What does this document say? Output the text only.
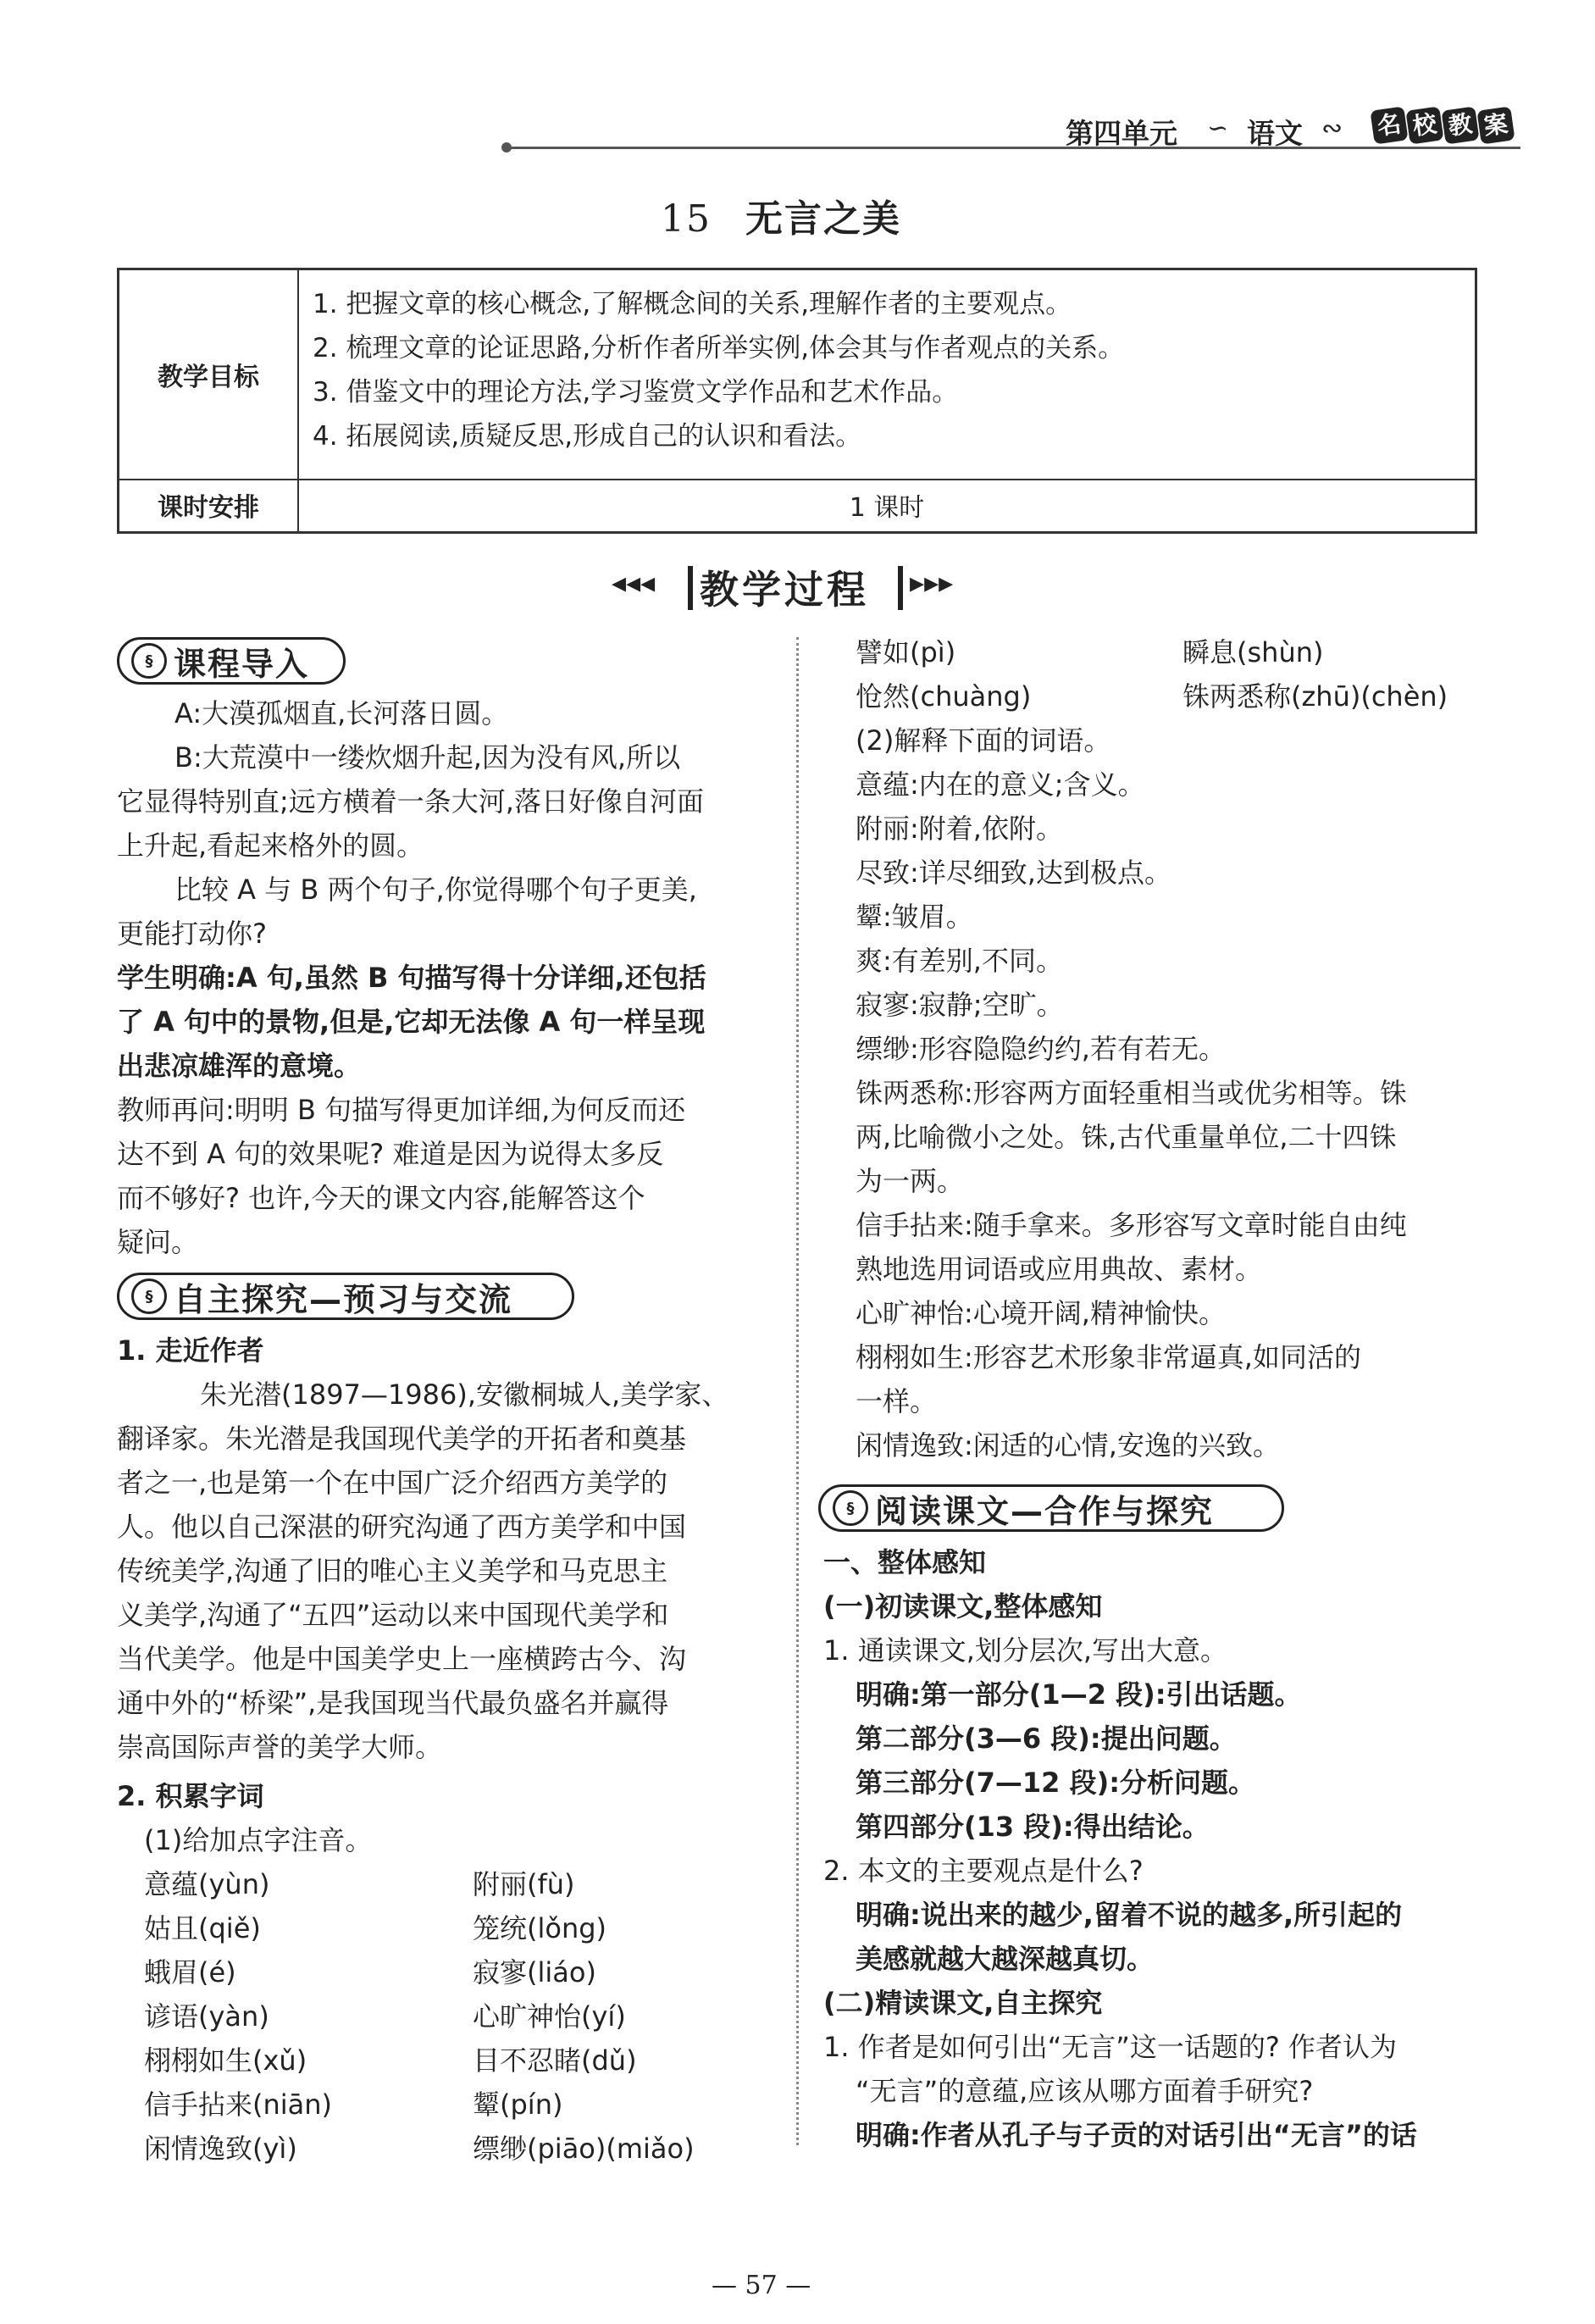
第四单元 ∽ 语文 ∾ 名 校 教 案
15 无言之美
教学目标
1. 把握文章的核心概念,了解概念间的关系,理解作者的主要观点。
2. 梳理文章的论证思路,分析作者所举实例,体会其与作者观点的关系。
3. 借鉴文中的理论方法,学习鉴赏文学作品和艺术作品。
4. 拓展阅读,质疑反思,形成自己的认识和看法。
课时安排	1 课时
◂◂◂ 教学过程 ▸▸▸
§ 课程导入
A:大漠孤烟直,长河落日圆。
B:大荒漠中一缕炊烟升起,因为没有风,所以
它显得特别直;远方横着一条大河,落日好像自河面
上升起,看起来格外的圆。
比较 A 与 B 两个句子,你觉得哪个句子更美,
更能打动你?
学生明确:A 句,虽然 B 句描写得十分详细,还包括
了 A 句中的景物,但是,它却无法像 A 句一样呈现
出悲凉雄浑的意境。
教师再问:明明 B 句描写得更加详细,为何反而还
达不到 A 句的效果呢? 难道是因为说得太多反
而不够好? 也许,今天的课文内容,能解答这个
疑问。
§ 自主探究—预习与交流
1. 走近作者
朱光潜(1897—1986),安徽桐城人,美学家、
翻译家。朱光潜是我国现代美学的开拓者和奠基
者之一,也是第一个在中国广泛介绍西方美学的
人。他以自己深湛的研究沟通了西方美学和中国
传统美学,沟通了旧的唯心主义美学和马克思主
义美学,沟通了“五四”运动以来中国现代美学和
当代美学。他是中国美学史上一座横跨古今、沟
通中外的“桥梁”,是我国现当代最负盛名并赢得
崇高国际声誉的美学大师。
2. 积累字词
(1)给加点字注音。
意蕴(yùn)
姑且(qiě)
蛾眉(é)
谚语(yàn)
栩栩如生(xǔ)
信手拈来(niān)
闲情逸致(yì)
附丽(fù)
笼统(lǒng)
寂寥(liáo)
心旷神怡(yí)
目不忍睹(dǔ)
颦(pín)
缥缈(piāo)(miǎo)
譬如(pì)
怆然(chuàng)
瞬息(shùn)
铢两悉称(zhū)(chèn)
(2)解释下面的词语。
意蕴:内在的意义;含义。
附丽:附着,依附。
尽致:详尽细致,达到极点。
颦:皱眉。
爽:有差别,不同。
寂寥:寂静;空旷。
缥缈:形容隐隐约约,若有若无。
铢两悉称:形容两方面轻重相当或优劣相等。铢
两,比喻微小之处。铢,古代重量单位,二十四铢
为一两。
信手拈来:随手拿来。多形容写文章时能自由纯
熟地选用词语或应用典故、素材。
心旷神怡:心境开阔,精神愉快。
栩栩如生:形容艺术形象非常逼真,如同活的
一样。
闲情逸致:闲适的心情,安逸的兴致。
§ 阅读课文—合作与探究
一、整体感知
(一)初读课文,整体感知
1. 通读课文,划分层次,写出大意。
明确:第一部分(1—2 段):引出话题。
第二部分(3—6 段):提出问题。
第三部分(7—12 段):分析问题。
第四部分(13 段):得出结论。
2. 本文的主要观点是什么?
明确:说出来的越少,留着不说的越多,所引起的
美感就越大越深越真切。
(二)精读课文,自主探究
1. 作者是如何引出“无言”这一话题的? 作者认为
“无言”的意蕴,应该从哪方面着手研究?
明确:作者从孔子与子贡的对话引出“无言”的话
— 57 —
